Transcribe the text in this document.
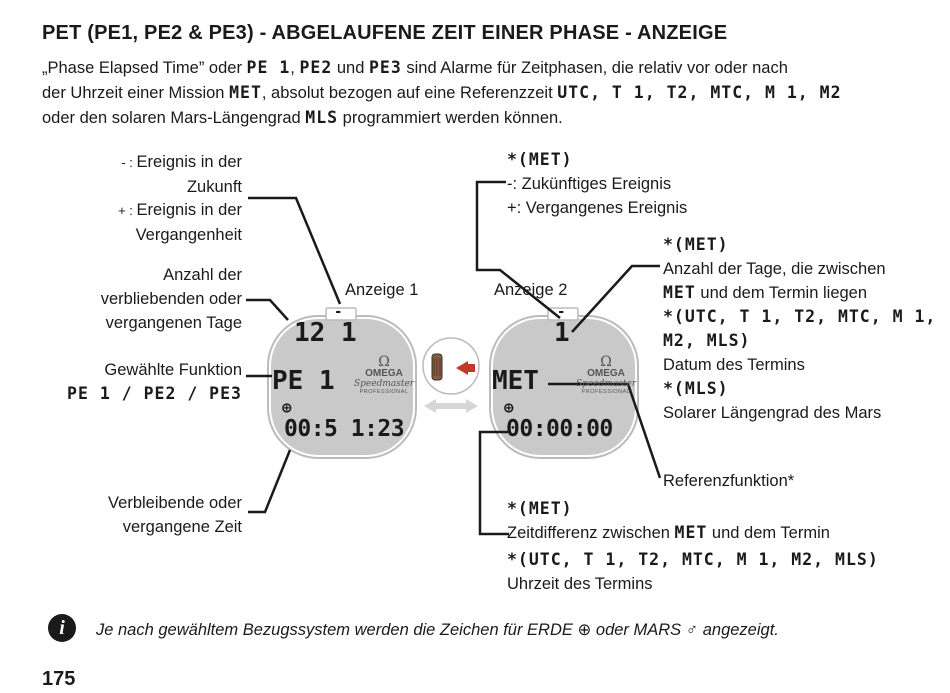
PET (PE1, PE2 & PE3) - ABGELAUFENE ZEIT EINER PHASE - ANZEIGE
„Phase Elapsed Time” oder PE 1, PE2 und PE3 sind Alarme für Zeitphasen, die relativ vor oder nach
der Uhrzeit einer Mission MET, absolut bezogen auf eine Referenzzeit UTC, T 1, T2, MTC, M 1, M2
oder den solaren Mars-Längengrad MLS programmiert werden können.
-
12 1
PE 1
⊕
00:5 1:23
Ω
OMEGA
Speedmaster
PROFESSIONAL
-
1
MET
⊕
00:00:00
Ω
OMEGA
Speedmaster
PROFESSIONAL
Anzeige 1	Anzeige 2
- : Ereignis in der
Zukunft
+ : Ereignis in der
Vergangenheit
Anzahl der
verbliebenden oder
vergangenen Tage
Gewählte Funktion
PE 1 / PE2 / PE3
Verbleibende oder
vergangene Zeit
*(MET)
-: Zukünftiges Ereignis
+: Vergangenes Ereignis
*(MET)
Anzahl der Tage, die zwischen
MET und dem Termin liegen
*(UTC, T 1, T2, MTC, M 1,
M2, MLS)
Datum des Termins
*(MLS)
Solarer Längengrad des Mars
Referenzfunktion*
*(MET)
Zeitdifferenz zwischen MET und dem Termin
*(UTC, T 1, T2, MTC, M 1, M2, MLS)
Uhrzeit des Termins
i	Je nach gewähltem Bezugssystem werden die Zeichen für ERDE ⊕ oder MARS ♂ angezeigt.
175
